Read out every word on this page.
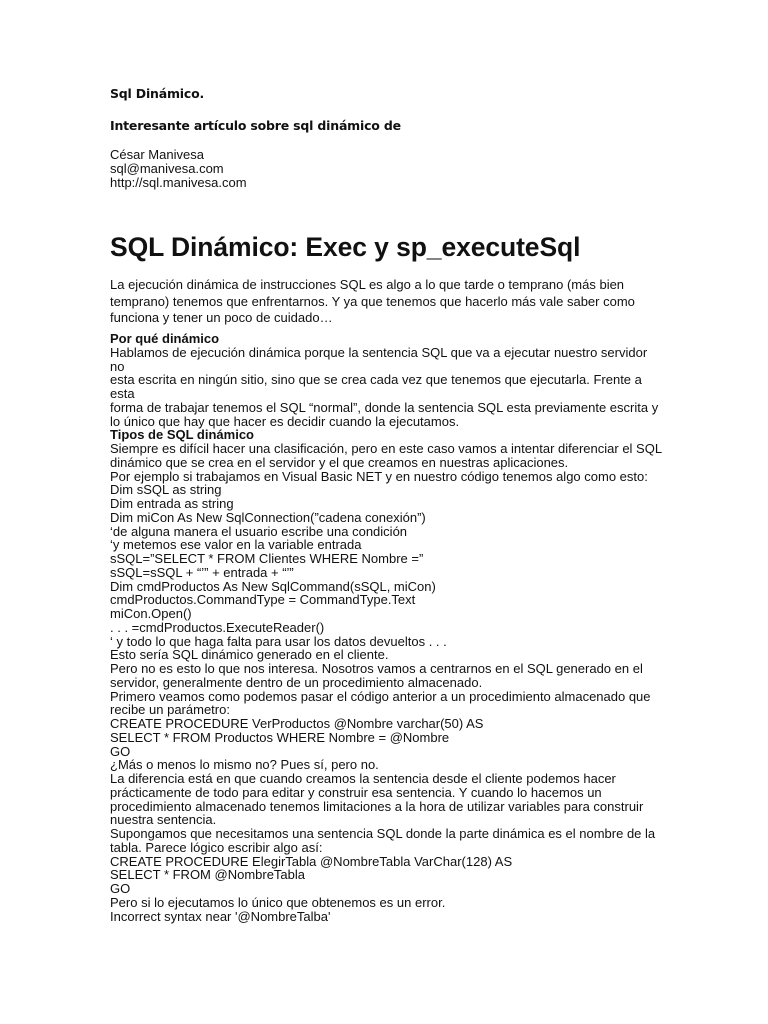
Sql Dinámico.
Interesante artículo sobre sql dinámico de
César Manivesa
sql@manivesa.com
http://sql.manivesa.com
SQL Dinámico: Exec y sp_executeSql

La ejecución dinámica de instrucciones SQL es algo a lo que tarde o temprano (más bien temprano) tenemos que enfrentarnos. Y ya que tenemos que hacerlo más vale saber como funciona y tener un poco de cuidado…

Por qué dinámico
Hablamos de ejecución dinámica porque la sentencia SQL que va a ejecutar nuestro servidor
no
esta escrita en ningún sitio, sino que se crea cada vez que tenemos que ejecutarla. Frente a
esta
forma de trabajar tenemos el SQL “normal”, donde la sentencia SQL esta previamente escrita y
lo único que hay que hacer es decidir cuando la ejecutamos.
Tipos de SQL dinámico
Siempre es difícil hacer una clasificación, pero en este caso vamos a intentar diferenciar el SQL
dinámico que se crea en el servidor y el que creamos en nuestras aplicaciones.
Por ejemplo si trabajamos en Visual Basic NET y en nuestro código tenemos algo como esto:
Dim sSQL as string
Dim entrada as string
Dim miCon As New SqlConnection(”cadena conexión”)
‘de alguna manera el usuario escribe una condición
‘y metemos ese valor en la variable entrada
sSQL=”SELECT * FROM Clientes WHERE Nombre =”
sSQL=sSQL + “’” + entrada + “’”
Dim cmdProductos As New SqlCommand(sSQL, miCon)
cmdProductos.CommandType = CommandType.Text
miCon.Open()
. . . =cmdProductos.ExecuteReader()
‘ y todo lo que haga falta para usar los datos devueltos . . .
Esto sería SQL dinámico generado en el cliente.
Pero no es esto lo que nos interesa. Nosotros vamos a centrarnos en el SQL generado en el
servidor, generalmente dentro de un procedimiento almacenado.
Primero veamos como podemos pasar el código anterior a un procedimiento almacenado que
recibe un parámetro:
CREATE PROCEDURE VerProductos @Nombre varchar(50) AS
SELECT * FROM Productos WHERE Nombre = @Nombre
GO
¿Más o menos lo mismo no? Pues sí, pero no.
La diferencia está en que cuando creamos la sentencia desde el cliente podemos hacer
prácticamente de todo para editar y construir esa sentencia. Y cuando lo hacemos un
procedimiento almacenado tenemos limitaciones a la hora de utilizar variables para construir
nuestra sentencia.
Supongamos que necesitamos una sentencia SQL donde la parte dinámica es el nombre de la
tabla. Parece lógico escribir algo así:
CREATE PROCEDURE ElegirTabla @NombreTabla VarChar(128) AS
SELECT * FROM @NombreTabla
GO
Pero si lo ejecutamos lo único que obtenemos es un error.
Incorrect syntax near '@NombreTalba'
